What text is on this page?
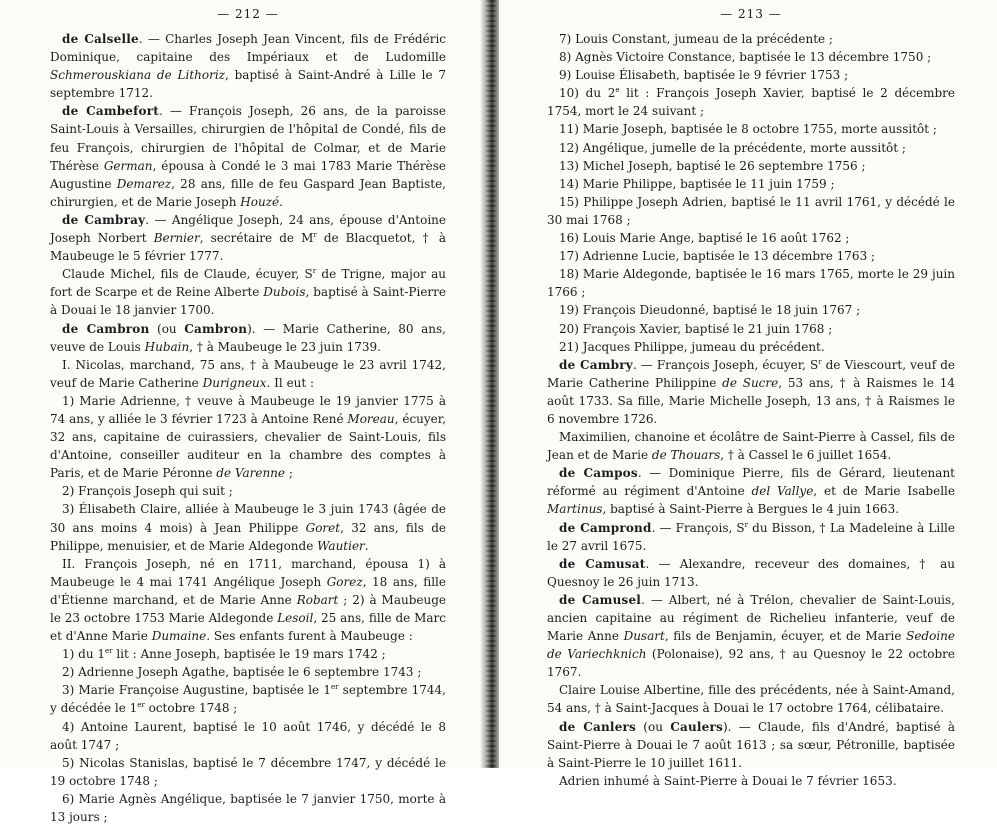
— 212 —

de Calselle. — Charles Joseph Jean Vincent, fils de Frédéric Dominique, capitaine des Impériaux et de Ludomille Schmerouskiana de Lithoriz, baptisé à Saint-André à Lille le 7 septembre 1712.

de Cambefort. — François Joseph, 26 ans, de la paroisse Saint-Louis à Versailles, chirurgien de l'hôpital de Condé, fils de feu François, chirurgien de l'hôpital de Colmar, et de Marie Thérèse German, épousa à Condé le 3 mai 1783 Marie Thérèse Augustine Demarez, 28 ans, fille de feu Gaspard Jean Baptiste, chirurgien, et de Marie Joseph Houzé.

de Cambray. — Angélique Joseph, 24 ans, épouse d'Antoine Joseph Norbert Bernier, secrétaire de $M^r$ de Blacquetot, † à Maubeuge le 5 février 1777.

Claude Michel, fils de Claude, écuyer, $S^r$ de Trigne, major au fort de Scarpe et de Reine Alberte Dubois, baptisé à Saint-Pierre à Douai le 18 janvier 1700.

de Cambron (ou Cambron). — Marie Catherine, 80 ans, veuve de Louis Hubain, † à Maubeuge le 23 juin 1739.

I. Nicolas, marchand, 75 ans, † à Maubeuge le 23 avril 1742, veuf de Marie Catherine Durigneux. Il eut :

1) Marie Adrienne, † veuve à Maubeuge le 19 janvier 1775 à 74 ans, y alliée le 3 février 1723 à Antoine René Moreau, écuyer, 32 ans, capitaine de cuirassiers, chevalier de Saint-Louis, fils d'Antoine, conseiller auditeur en la chambre des comptes à Paris, et de Marie Péronne de Varenne ;

2) François Joseph qui suit ;

3) Élisabeth Claire, alliée à Maubeuge le 3 juin 1743 (âgée de 30 ans moins 4 mois) à Jean Philippe Goret, 32 ans, fils de Philippe, menuisier, et de Marie Aldegonde Wautier.

II. François Joseph, né en 1711, marchand, épousa 1) à Maubeuge le 4 mai 1741 Angélique Joseph Gorez, 18 ans, fille d'Étienne marchand, et de Marie Anne Robart ; 2) à Maubeuge le 23 octobre 1753 Marie Aldegonde Lesoil, 25 ans, fille de Marc et d'Anne Marie Dumaine. Ses enfants furent à Maubeuge :

1) du 1er lit : Anne Joseph, baptisée le 19 mars 1742 ;

2) Adrienne Joseph Agathe, baptisée le 6 septembre 1743 ;

3) Marie Françoise Augustine, baptisée le 1er septembre 1744, y décédée le 1er octobre 1748 ;

4) Antoine Laurent, baptisé le 10 août 1746, y décédé le 8 août 1747 ;

5) Nicolas Stanislas, baptisé le 7 décembre 1747, y décédé le 19 octobre 1748 ;

6) Marie Agnès Angélique, baptisée le 7 janvier 1750, morte à 13 jours ;

— 213 —

7) Louis Constant, jumeau de la précédente ;

8) Agnès Victoire Constance, baptisée le 13 décembre 1750 ;

9) Louise Élisabeth, baptisée le 9 février 1753 ;

10) du 2e lit : François Joseph Xavier, baptisé le 2 décembre 1754, mort le 24 suivant ;

11) Marie Joseph, baptisée le 8 octobre 1755, morte aussitôt ;

12) Angélique, jumelle de la précédente, morte aussitôt ;

13) Michel Joseph, baptisé le 26 septembre 1756 ;

14) Marie Philippe, baptisée le 11 juin 1759 ;

15) Philippe Joseph Adrien, baptisé le 11 avril 1761, y décédé le 30 mai 1768 ;

16) Louis Marie Ange, baptisé le 16 août 1762 ;

17) Adrienne Lucie, baptisée le 13 décembre 1763 ;

18) Marie Aldegonde, baptisée le 16 mars 1765, morte le 29 juin 1766 ;

19) François Dieudonné, baptisé le 18 juin 1767 ;

20) François Xavier, baptisé le 21 juin 1768 ;

21) Jacques Philippe, jumeau du précédent.

de Cambry. — François Joseph, écuyer, $S^r$ de Viescourt, veuf de Marie Catherine Philippine de Sucre, 53 ans, † à Raismes le 14 août 1733. Sa fille, Marie Michelle Joseph, 13 ans, † à Raismes le 6 novembre 1726.

Maximilien, chanoine et écolâtre de Saint-Pierre à Cassel, fils de Jean et de Marie de Thouars, † à Cassel le 6 juillet 1654.

de Campos. — Dominique Pierre, fils de Gérard, lieutenant réformé au régiment d'Antoine del Vallye, et de Marie Isabelle Martinus, baptisé à Saint-Pierre à Bergues le 4 juin 1663.

de Camprond. — François, $S^r$ du Bisson, † La Madeleine à Lille le 27 avril 1675.

de Camusat. — Alexandre, receveur des domaines, † au Quesnoy le 26 juin 1713.

de Camusel. — Albert, né à Trélon, chevalier de Saint-Louis, ancien capitaine au régiment de Richelieu infanterie, veuf de Marie Anne Dusart, fils de Benjamin, écuyer, et de Marie Sedoine de Variechknich (Polonaise), 92 ans, † au Quesnoy le 22 octobre 1767.

Claire Louise Albertine, fille des précédents, née à Saint-Amand, 54 ans, † à Saint-Jacques à Douai le 17 octobre 1764, célibataire.

de Canlers (ou Caulers). — Claude, fils d'André, baptisé à Saint-Pierre à Douai le 7 août 1613 ; sa sœur, Pétronille, baptisée à Saint-Pierre le 10 juillet 1611.

Adrien inhumé à Saint-Pierre à Douai le 7 février 1653.
